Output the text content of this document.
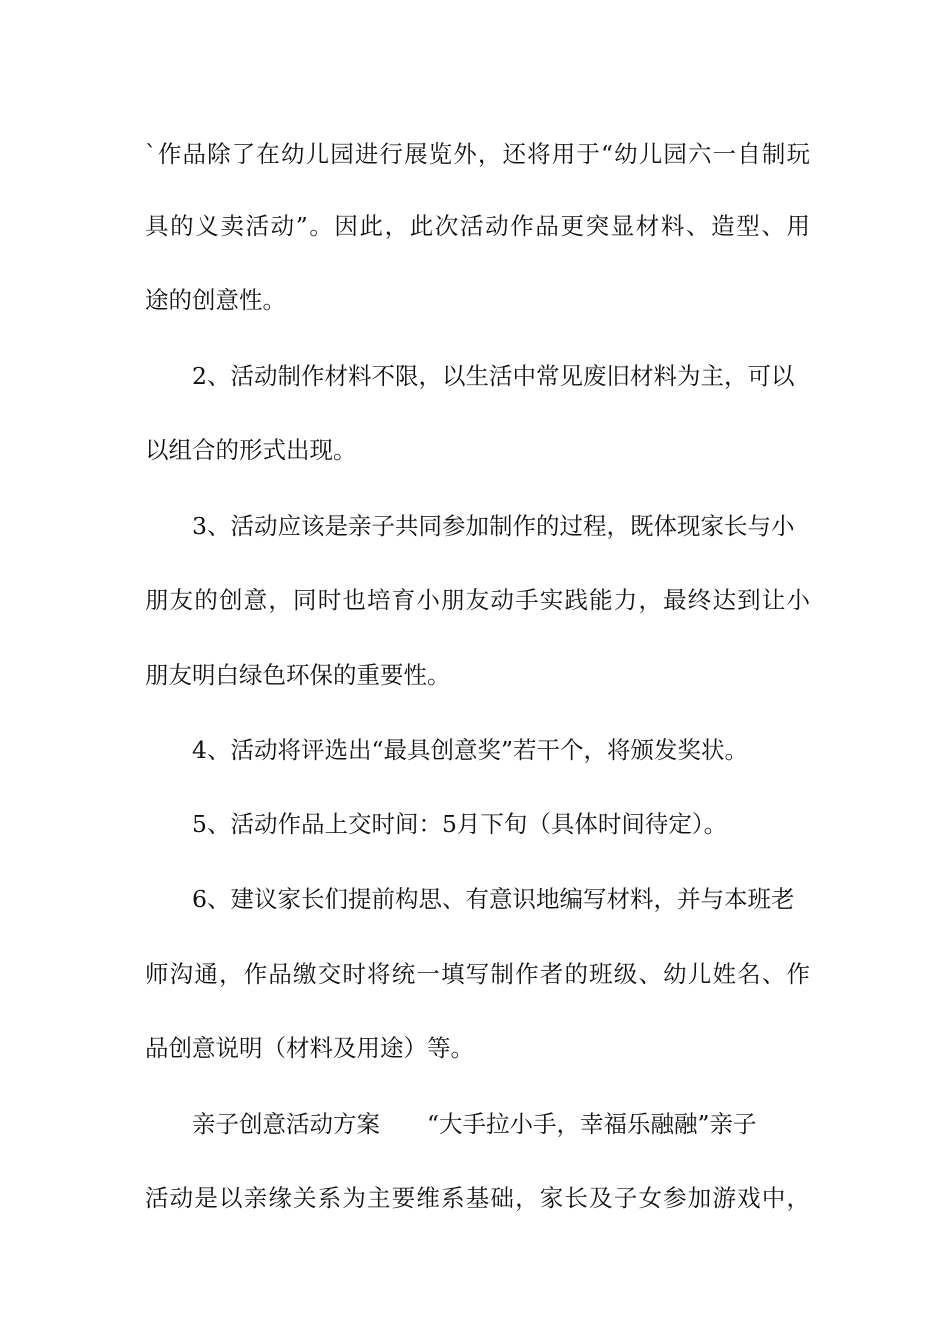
`作品除了在幼儿园进行展览外，还将用于“幼儿园六一自制玩
具的义卖活动”。因此，此次活动作品更突显材料、造型、用
途的创意性。
2、活动制作材料不限，以生活中常见废旧材料为主，可以
以组合的形式出现。
3、活动应该是亲子共同参加制作的过程，既体现家长与小
朋友的创意，同时也培育小朋友动手实践能力，最终达到让小
朋友明白绿色环保的重要性。
4、活动将评选出“最具创意奖”若干个，将颁发奖状。
5、活动作品上交时间：5月下旬（具体时间待定）。
6、建议家长们提前构思、有意识地编写材料，并与本班老
师沟通，作品缴交时将统一填写制作者的班级、幼儿姓名、作
品创意说明（材料及用途）等。
亲子创意活动方案　　“大手拉小手，幸福乐融融”亲子
活动是以亲缘关系为主要维系基础，家长及子女参加游戏中，
